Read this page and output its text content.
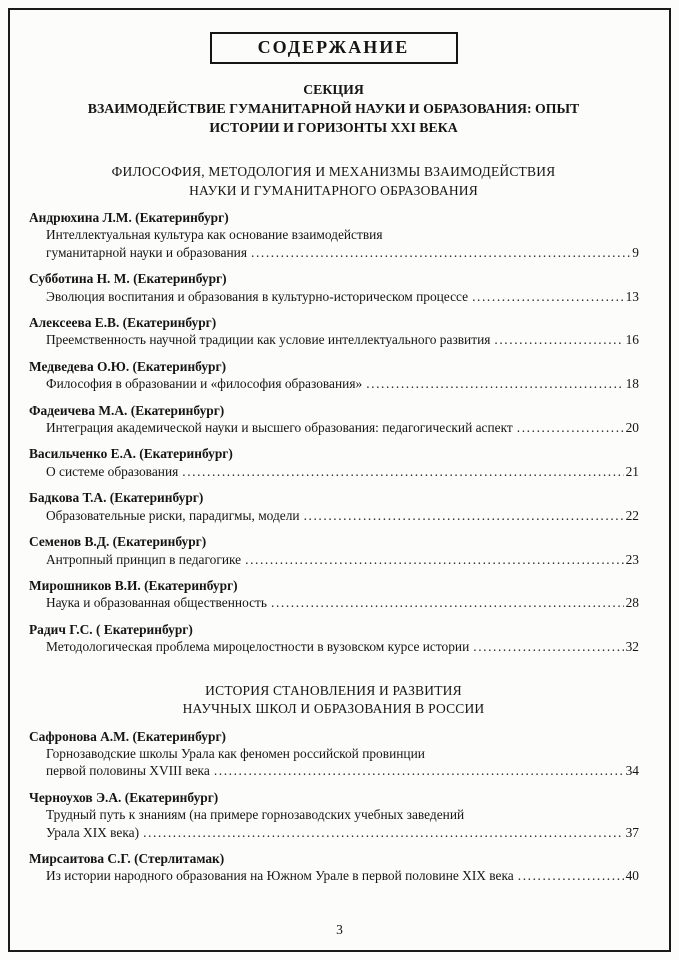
СОДЕРЖАНИЕ
СЕКЦИЯ
ВЗАИМОДЕЙСТВИЕ ГУМАНИТАРНОЙ НАУКИ И ОБРАЗОВАНИЯ: ОПЫТ
ИСТОРИИ И ГОРИЗОНТЫ XXI ВЕКА
ФИЛОСОФИЯ, МЕТОДОЛОГИЯ И МЕХАНИЗМЫ ВЗАИМОДЕЙСТВИЯ
НАУКИ И ГУМАНИТАРНОГО ОБРАЗОВАНИЯ
Андрюхина Л.М. (Екатеринбург)
Интеллектуальная культура как основание взаимодействия
гуманитарной науки и образования .....	9
Субботина Н. М. (Екатеринбург)
Эволюция воспитания и образования в культурно-историческом процессе .....	13
Алексеева Е.В. (Екатеринбург)
Преемственность научной традиции как условие интеллектуального развития .....	16
Медведева О.Ю. (Екатеринбург)
Философия в образовании и «философия образования» .....	18
Фадеичева М.А. (Екатеринбург)
Интеграция академической науки и высшего образования: педагогический аспект .....	20
Васильченко Е.А. (Екатеринбург)
О системе образования .....	21
Бадкова Т.А. (Екатеринбург)
Образовательные риски, парадигмы, модели .....	22
Семенов В.Д. (Екатеринбург)
Антропный принцип в педагогике .....	23
Мирошников В.И. (Екатеринбург)
Наука и образованная общественность .....	28
Радич Г.С. ( Екатеринбург)
Методологическая проблема мироцелостности в вузовском курсе истории .....	32
ИСТОРИЯ СТАНОВЛЕНИЯ И РАЗВИТИЯ
НАУЧНЫХ ШКОЛ И ОБРАЗОВАНИЯ В РОССИИ
Сафронова А.М. (Екатеринбург)
Горнозаводские школы Урала как феномен российской провинции
первой половины XVIII века .....	34
Черноухов Э.А. (Екатеринбург)
Трудный путь к знаниям (на примере горнозаводских учебных заведений
Урала XIX века) .....	37
Мирсаитова С.Г. (Стерлитамак)
Из истории народного образования на Южном Урале в первой половине XIX века .....	40
3
